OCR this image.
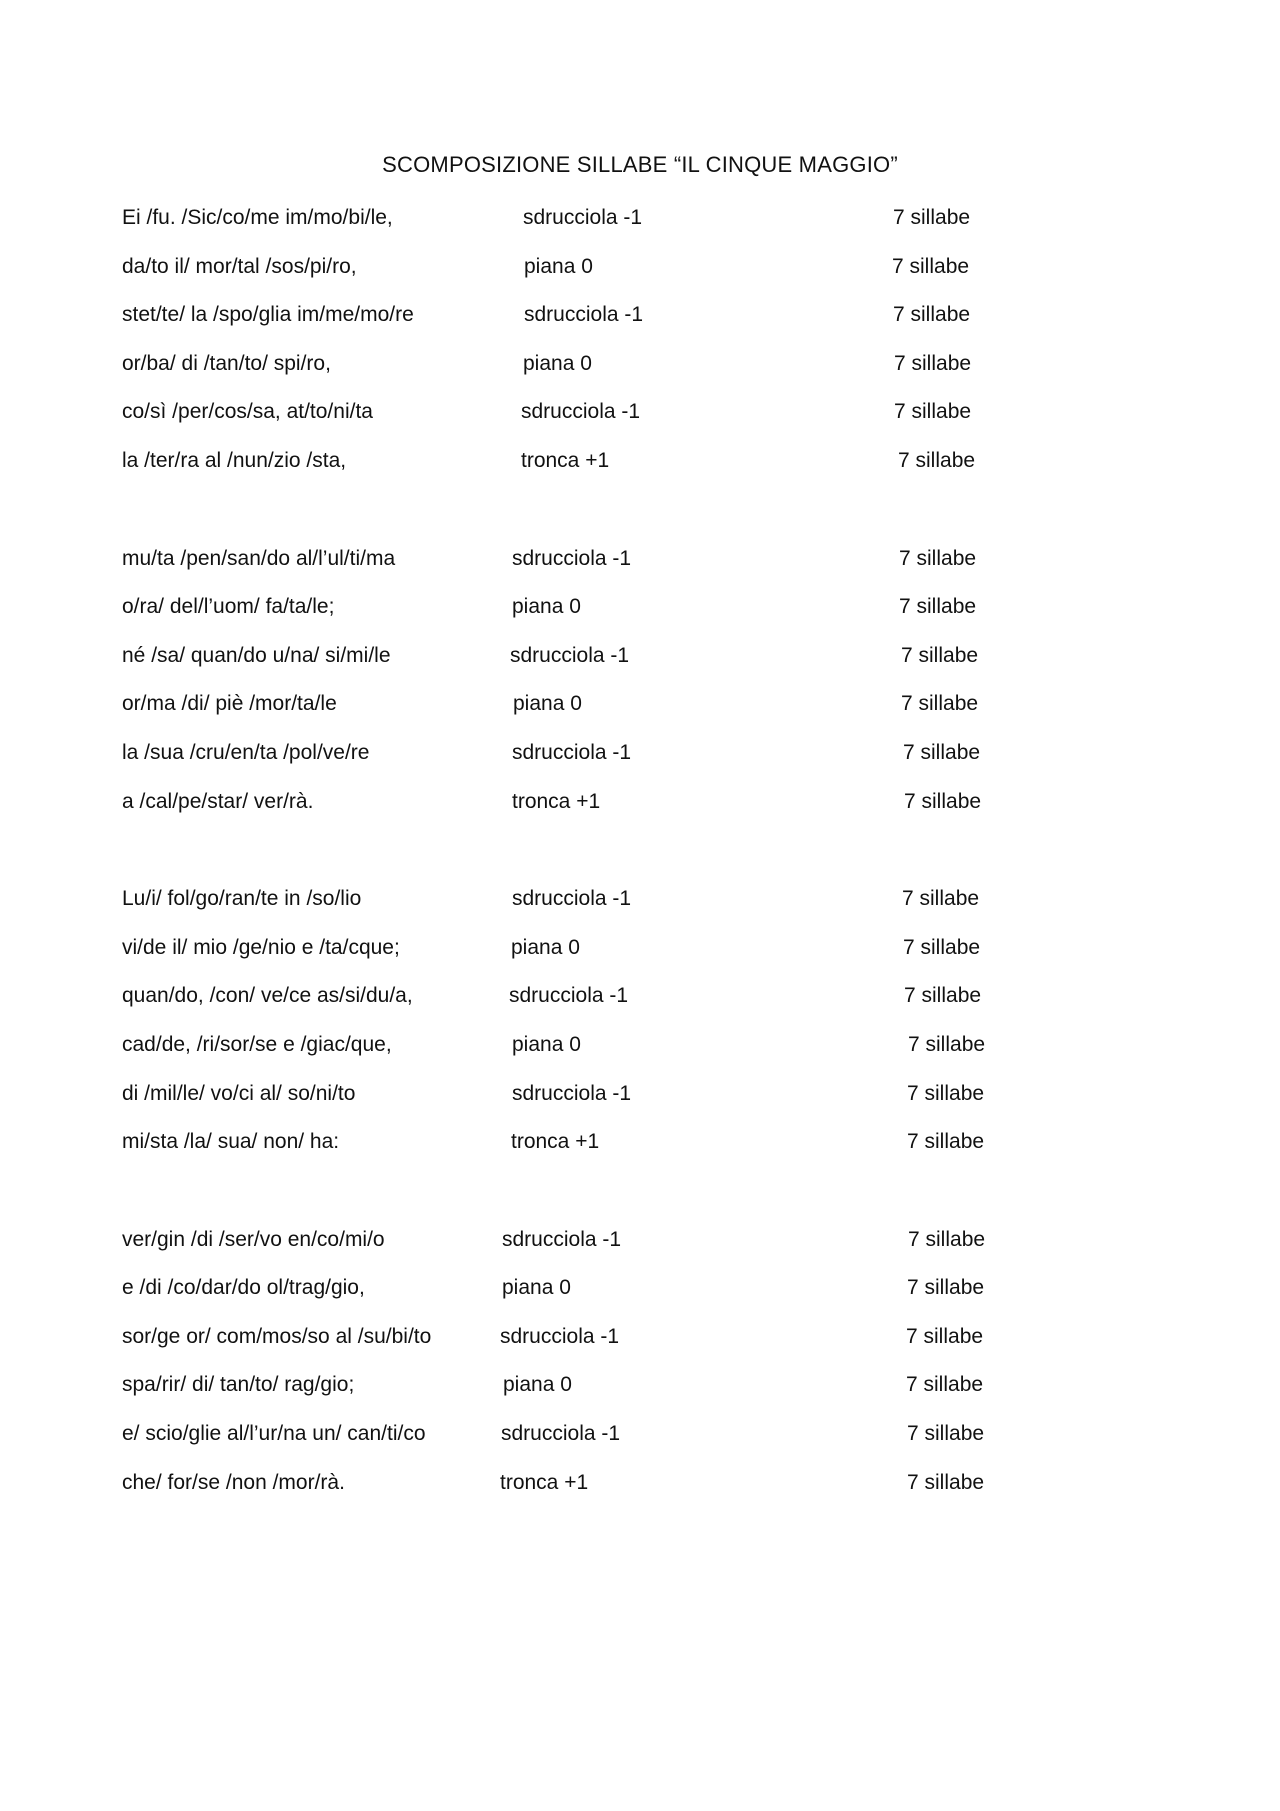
SCOMPOSIZIONE SILLABE “IL CINQUE MAGGIO”
Ei /fu. /Sic/co/me im/mo/bi/le,	sdrucciola -1	7 sillabe
da/to il/ mor/tal /sos/pi/ro,	piana 0	7 sillabe
stet/te/ la /spo/glia im/me/mo/re	sdrucciola -1	7 sillabe
or/ba/ di /tan/to/ spi/ro,	piana 0	7 sillabe
co/sì /per/cos/sa, at/to/ni/ta	sdrucciola -1	7 sillabe
la /ter/ra al /nun/zio /sta,	tronca +1	7 sillabe
mu/ta /pen/san/do al/l’ul/ti/ma	sdrucciola -1	7 sillabe
o/ra/ del/l’uom/ fa/ta/le;	piana 0	7 sillabe
né /sa/ quan/do u/na/ si/mi/le	sdrucciola -1	7 sillabe
or/ma /di/ piè /mor/ta/le	piana 0	7 sillabe
la /sua /cru/en/ta /pol/ve/re	sdrucciola -1	7 sillabe
a /cal/pe/star/ ver/rà.	tronca +1	7 sillabe
Lu/i/ fol/go/ran/te in /so/lio	sdrucciola -1	7 sillabe
vi/de il/ mio /ge/nio e /ta/cque;	piana 0	7 sillabe
quan/do, /con/ ve/ce as/si/du/a,	sdrucciola -1	7 sillabe
cad/de, /ri/sor/se e /giac/que,	piana 0	7 sillabe
di /mil/le/ vo/ci al/ so/ni/to	sdrucciola -1	7 sillabe
mi/sta /la/ sua/ non/ ha:	tronca +1	7 sillabe
ver/gin /di /ser/vo en/co/mi/o	sdrucciola -1	7 sillabe
e /di /co/dar/do ol/trag/gio,	piana 0	7 sillabe
sor/ge or/ com/mos/so al /su/bi/to	sdrucciola -1	7 sillabe
spa/rir/ di/ tan/to/ rag/gio;	piana 0	7 sillabe
e/ scio/glie al/l’ur/na un/ can/ti/co	sdrucciola -1	7 sillabe
che/ for/se /non /mor/rà.	tronca +1	7 sillabe
